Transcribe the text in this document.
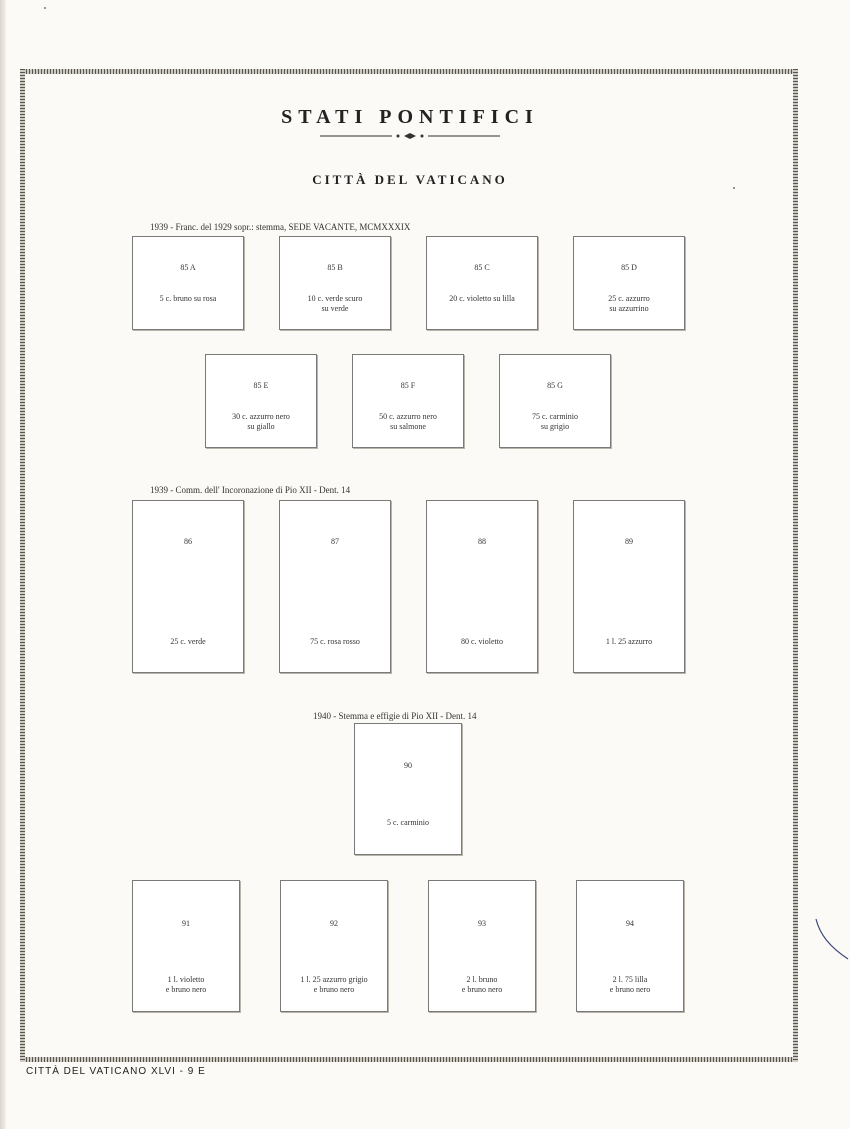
STATI PONTIFICI
CITTÀ DEL VATICANO
1939 - Franc. del 1929 sopr.: stemma, SEDE VACANTE, MCMXXXIX
85 A
5 c. bruno su rosa
85 B
10 c. verde scuro
su verde
85 C
20 c. violetto su lilla
85 D
25 c. azzurro
su azzurrino
85 E
30 c. azzurro nero
su giallo
85 F
50 c. azzurro nero
su salmone
85 G
75 c. carminio
su grigio
1939 - Comm. dell' Incoronazione di Pio XII - Dent. 14
86
25 c. verde
87
75 c. rosa rosso
88
80 c. violetto
89
1 l. 25 azzurro
1940 - Stemma e effigie di Pio XII - Dent. 14
90
5 c. carminio
91
1 l. violetto
e bruno nero
92
1 l. 25 azzurro grigio
e bruno nero
93
2 l. bruno
e bruno nero
94
2 l. 75 lilla
e bruno nero
CITTÀ DEL VATICANO XLVI - 9 E
